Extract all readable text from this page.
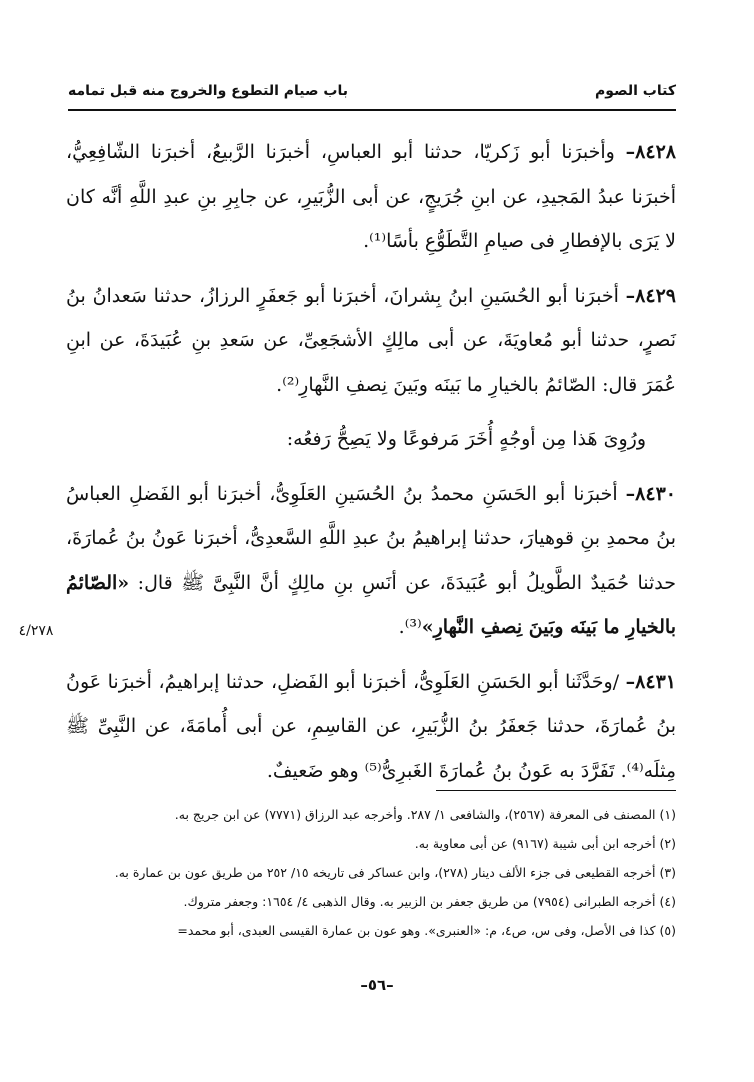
كتاب الصوم
باب صيام التطوع والخروج منه قبل تمامه
٤/٢٧٨

٨٤٢٨– وأخبرَنا أبو زَكريّا، حدثنا أبو العباسِ، أخبرَنا الرَّبيعُ، أخبرَنا الشّافِعِيُّ، أخبرَنا عبدُ المَجيدِ، عن ابنِ جُرَيجٍ، عن أبى الزُّبَيرِ، عن جابِرِ بنِ عبدِ اللَّهِ أنَّه كان لا يَرَى بالإفطارِ فى صيامِ التَّطَوُّعِ بأسًا⁽¹⁾.

٨٤٢٩– أخبرَنا أبو الحُسَينِ ابنُ بِشرانَ، أخبرَنا أبو جَعفَرٍ الرزازُ، حدثنا سَعدانُ بنُ نَصرٍ، حدثنا أبو مُعاويَةَ، عن أبى مالِكٍ الأشجَعِىِّ، عن سَعدِ بنِ عُبَيدَةَ، عن ابنِ عُمَرَ قال: الصّائمُ بالخيارِ ما بَينَه وبَينَ نِصفِ النَّهارِ⁽²⁾.

ورُوِىَ هَذا مِن أوجُهٍ أُخَرَ مَرفوعًا ولا يَصِحُّ رَفعُه:

٨٤٣٠– أخبرَنا أبو الحَسَنِ محمدُ بنُ الحُسَينِ العَلَوِىُّ، أخبرَنا أبو الفَضلِ العباسُ بنُ محمدِ بنِ قوهيارَ، حدثنا إبراهيمُ بنُ عبدِ اللَّهِ السَّعدِىُّ، أخبرَنا عَونُ بنُ عُمارَةَ، حدثنا حُمَيدٌ الطَّويلُ أبو عُبَيدَةَ، عن أنَسِ بنِ مالِكٍ أنَّ النَّبِىَّ ﷺ قال: «الصّائمُ بالخيارِ ما بَينَه وبَينَ نِصفِ النَّهارِ»⁽³⁾.

٨٤٣١– /وحَدَّثَنا أبو الحَسَنِ العَلَوِىُّ، أخبرَنا أبو الفَضلِ، حدثنا إبراهيمُ، أخبرَنا عَونُ بنُ عُمارَةَ، حدثنا جَعفَرُ بنُ الزُّبَيرِ، عن القاسِمِ، عن أبى أُمامَةَ، عن النَّبِىِّ ﷺ مِثلَه⁽⁴⁾. تَفَرَّدَ به عَونُ بنُ عُمارَةَ الغَبرِىُّ⁽⁵⁾ وهو ضَعيفٌ.

(١) المصنف فى المعرفة (٢٥٦٧)، والشافعى ١/ ٢٨٧. وأخرجه عبد الرزاق (٧٧٧١) عن ابن جريج به.

(٢) أخرجه ابن أبى شيبة (٩١٦٧) عن أبى معاوية به.

(٣) أخرجه القطيعى فى جزء الألف دينار (٢٧٨)، وابن عساكر فى تاريخه ١٥/ ٢٥٢ من طريق عون بن عمارة به.

(٤) أخرجه الطبرانى (٧٩٥٤) من طريق جعفر بن الزبير به. وقال الذهبى ٤/ ١٦٥٤: وجعفر متروك.

(٥) كذا فى الأصل، وفى س، ص٤، م: «العنبرى». وهو عون بن عمارة القيسى العبدى، أبو محمد=

–٥٦–
